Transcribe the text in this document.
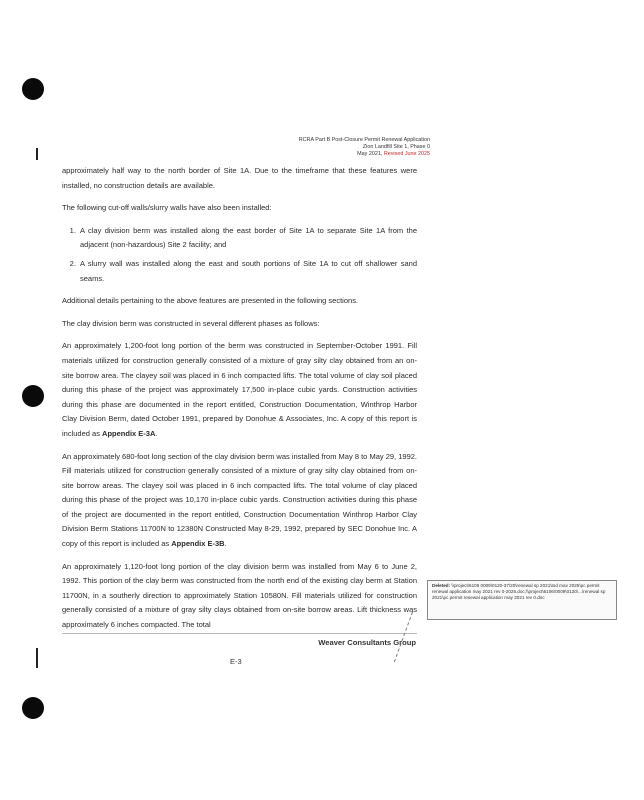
RCRA Part B Post-Closure Permit Renewal Application
Zion Landfill Site 1, Phase 0
May 2021, Revised June 2025

approximately half way to the north border of Site 1A. Due to the timeframe that these features were installed, no construction details are available.

The following cut-off walls/slurry walls have also been installed:

1. A clay division berm was installed along the east border of Site 1A to separate Site 1A from the adjacent (non-hazardous) Site 2 facility; and
2. A slurry wall was installed along the east and south portions of Site 1A to cut off shallower sand seams.

Additional details pertaining to the above features are presented in the following sections.

The clay division berm was constructed in several different phases as follows:

An approximately 1,200-foot long portion of the berm was constructed in September-October 1991. Fill materials utilized for construction generally consisted of a mixture of gray silty clay obtained from an on-site borrow area. The clayey soil was placed in 6 inch compacted lifts. The total volume of clay soil placed during this phase of the project was approximately 17,500 in-place cubic yards. Construction activities during this phase are documented in the report entitled, Construction Documentation, Winthrop Harbor Clay Division Berm, dated October 1991, prepared by Donohue & Associates, Inc. A copy of this report is included as Appendix E-3A.

An approximately 680-foot long section of the clay division berm was installed from May 8 to May 29, 1992. Fill materials utilized for construction generally consisted of a mixture of gray silty clay obtained from on-site borrow areas. The clayey soil was placed in 6 inch compacted lifts. The total volume of clay placed during this phase of the project was 10,170 in-place cubic yards. Construction activities during this phase of the project are documented in the report entitled, Construction Documentation Winthrop Harbor Clay Division Berm Stations 11700N to 12380N Constructed May 8-29, 1992, prepared by SEC Donohue Inc. A copy of this report is included as Appendix E-3B.

An approximately 1,120-foot long portion of the clay division berm was installed from May 6 to June 2, 1992. This portion of the clay berm was constructed from the north end of the existing clay berm at Station 11700N, in a southerly direction to approximately Station 10580N. Fill materials utilized for construction generally consisted of a mixture of gray silty clays obtained from on-site borrow areas. Lift thickness was approximately 6 inches compacted. The total

Weaver Consultants Group
E-3
Deleted: \\project\6106 0009\0120-37\20\renewal sp 2021\tod mav 2025\pc permit renewal application may 2021 rev 0-2025.doc;\\project\6106\0009\0120\...\renewal sp 2021\pc permit renewal application may 2021 rev 0.doc
